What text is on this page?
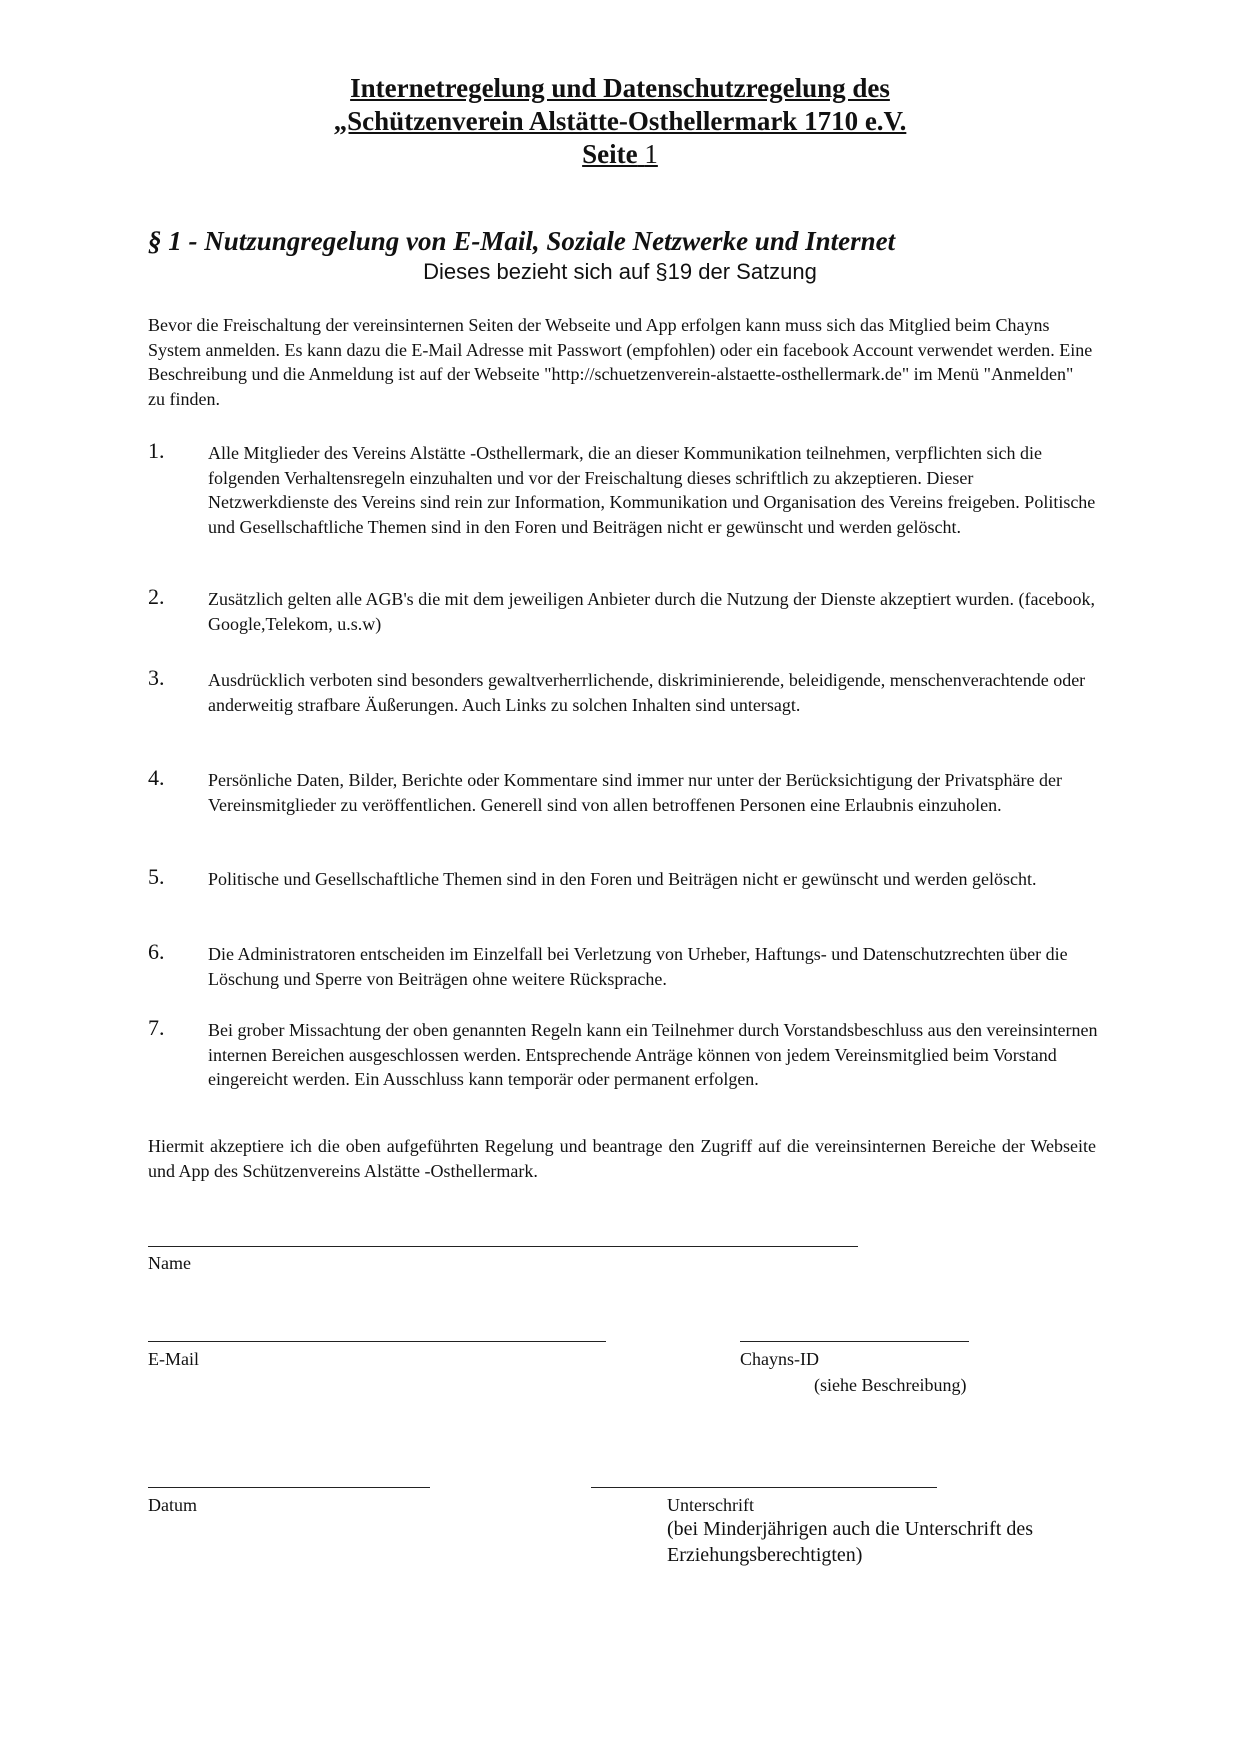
Internetregelung und Datenschutzregelung des
„Schützenverein Alstätte-Osthellermark 1710 e.V.
Seite 1
§ 1 - Nutzungregelung von E-Mail, Soziale Netzwerke und Internet
Dieses bezieht sich auf §19 der Satzung
Bevor die Freischaltung der vereinsinternen Seiten der Webseite und App erfolgen kann muss sich das Mitglied beim Chayns System anmelden. Es kann dazu die E-Mail Adresse mit Passwort (empfohlen) oder ein facebook Account verwendet werden. Eine Beschreibung und die Anmeldung ist auf der Webseite "http://schuetzenverein-alstaette-osthellermark.de" im Menü "Anmelden" zu finden.
1.	Alle Mitglieder des Vereins Alstätte -Osthellermark, die an dieser Kommunikation teilnehmen, verpflichten sich die folgenden Verhaltensregeln einzuhalten und vor der Freischaltung dieses schriftlich zu akzeptieren. Dieser Netzwerkdienste des Vereins sind rein zur Information, Kommunikation und Organisation des Vereins freigeben. Politische und Gesellschaftliche Themen sind in den Foren und Beiträgen nicht er gewünscht und werden gelöscht.
2.	Zusätzlich gelten alle AGB's die mit dem jeweiligen Anbieter durch die Nutzung der Dienste akzeptiert wurden. (facebook, Google,Telekom, u.s.w)
3.	Ausdrücklich verboten sind besonders gewaltverherrlichende, diskriminierende, beleidigende, menschenverachtende oder anderweitig strafbare Äußerungen. Auch Links zu solchen Inhalten sind untersagt.
4.	Persönliche Daten, Bilder, Berichte oder Kommentare sind immer nur unter der Berücksichtigung der Privatsphäre der Vereinsmitglieder zu veröffentlichen. Generell sind von allen betroffenen Personen eine Erlaubnis einzuholen.
5.	Politische und Gesellschaftliche Themen sind in den Foren und Beiträgen nicht er gewünscht und werden gelöscht.
6.	Die Administratoren entscheiden im Einzelfall bei Verletzung von Urheber, Haftungs- und Datenschutzrechten über die Löschung und Sperre von Beiträgen ohne weitere Rücksprache.
7.	Bei grober Missachtung der oben genannten Regeln kann ein Teilnehmer durch Vorstandsbeschluss aus den vereinsinternen internen Bereichen ausgeschlossen werden. Entsprechende Anträge können von jedem Vereinsmitglied beim Vorstand eingereicht werden. Ein Ausschluss kann temporär oder permanent erfolgen.
Hiermit akzeptiere ich die oben aufgeführten Regelung und beantrage den Zugriff auf die vereinsinternen Bereiche der Webseite und App des Schützenvereins Alstätte -Osthellermark.
Name
E-Mail	Chayns-ID
(siehe Beschreibung)
Datum	Unterschrift
(bei Minderjährigen auch die Unterschrift des Erziehungsberechtigten)
